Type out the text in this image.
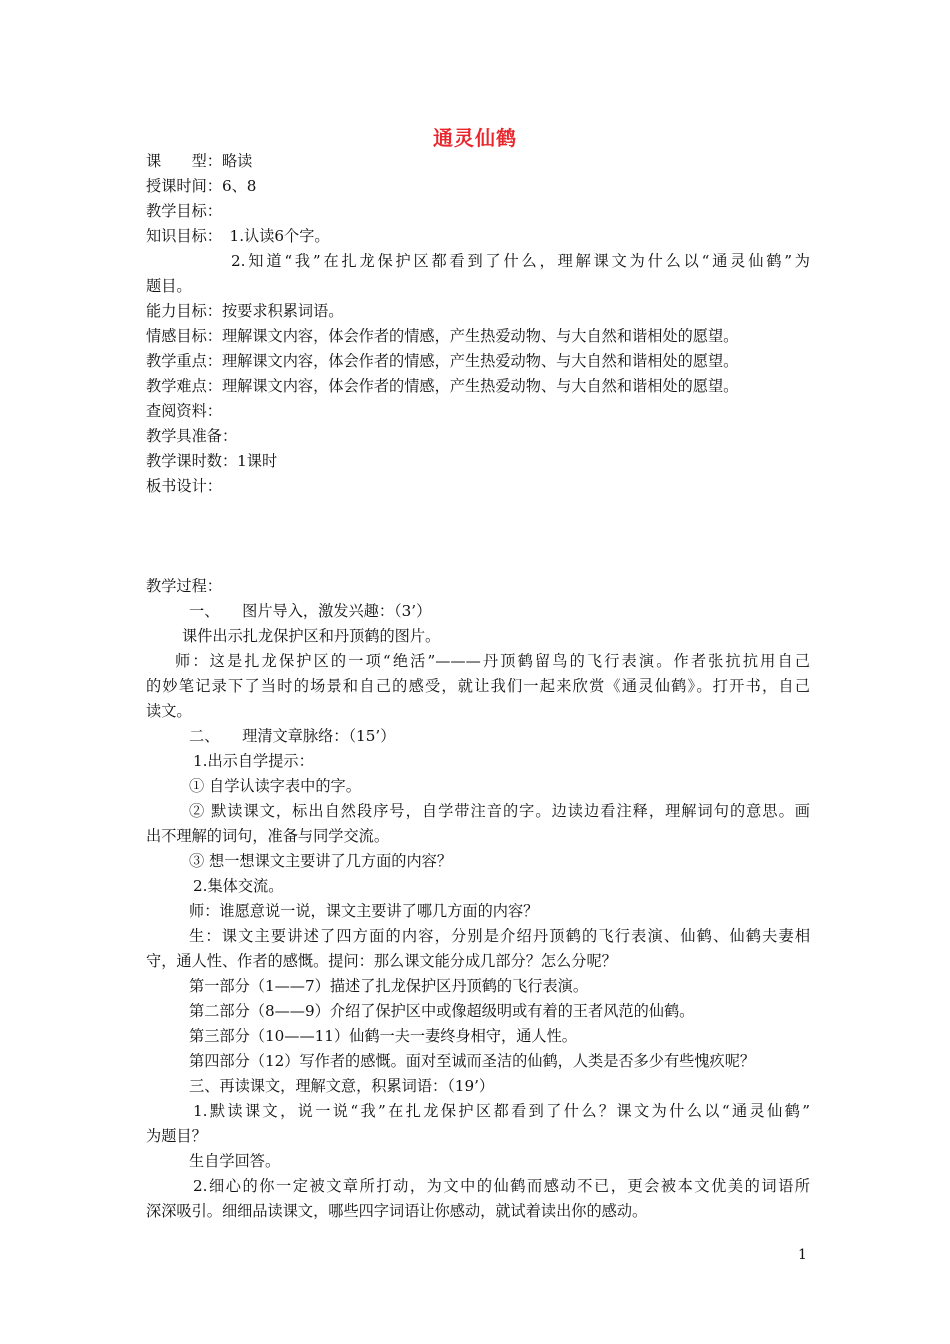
通灵仙鹤
课　　型：略读
授课时间：6、8
教学目标：
知识目标：　1.认读6个字。
2.知道“我”在扎龙保护区都看到了什么，理解课文为什么以“通灵仙鹤”为
题目。
能力目标：按要求积累词语。
情感目标：理解课文内容，体会作者的情感，产生热爱动物、与大自然和谐相处的愿望。
教学重点：理解课文内容，体会作者的情感，产生热爱动物、与大自然和谐相处的愿望。
教学难点：理解课文内容，体会作者的情感，产生热爱动物、与大自然和谐相处的愿望。
查阅资料：
教学具准备：
教学课时数：1课时
板书设计：
教学过程：
一、　　图片导入，激发兴趣：（3’）
课件出示扎龙保护区和丹顶鹤的图片。
师：这是扎龙保护区的一项“绝活”———丹顶鹤留鸟的飞行表演。作者张抗抗用自己
的妙笔记录下了当时的场景和自己的感受，就让我们一起来欣赏《通灵仙鹤》。打开书，自己
读文。
二、　　理清文章脉络：（15’）
1.出示自学提示：
① 自学认读字表中的字。
② 默读课文，标出自然段序号，自学带注音的字。边读边看注释，理解词句的意思。画
出不理解的词句，准备与同学交流。
③ 想一想课文主要讲了几方面的内容？
2.集体交流。
师：谁愿意说一说，课文主要讲了哪几方面的内容？
生：课文主要讲述了四方面的内容，分别是介绍丹顶鹤的飞行表演、仙鹤、仙鹤夫妻相
守，通人性、作者的感慨。提问：那么课文能分成几部分？怎么分呢？
第一部分（1——7）描述了扎龙保护区丹顶鹤的飞行表演。
第二部分（8——9）介绍了保护区中或像超级明或有着的王者风范的仙鹤。
第三部分（10——11）仙鹤一夫一妻终身相守，通人性。
第四部分（12）写作者的感慨。面对至诚而圣洁的仙鹤，人类是否多少有些愧疚呢？
三、再读课文，理解文意，积累词语：（19’）
1.默读课文，说一说“我”在扎龙保护区都看到了什么？课文为什么以“通灵仙鹤”
为题目？
生自学回答。
2.细心的你一定被文章所打动，为文中的仙鹤而感动不已，更会被本文优美的词语所
深深吸引。细细品读课文，哪些四字词语让你感动，就试着读出你的感动。
1
